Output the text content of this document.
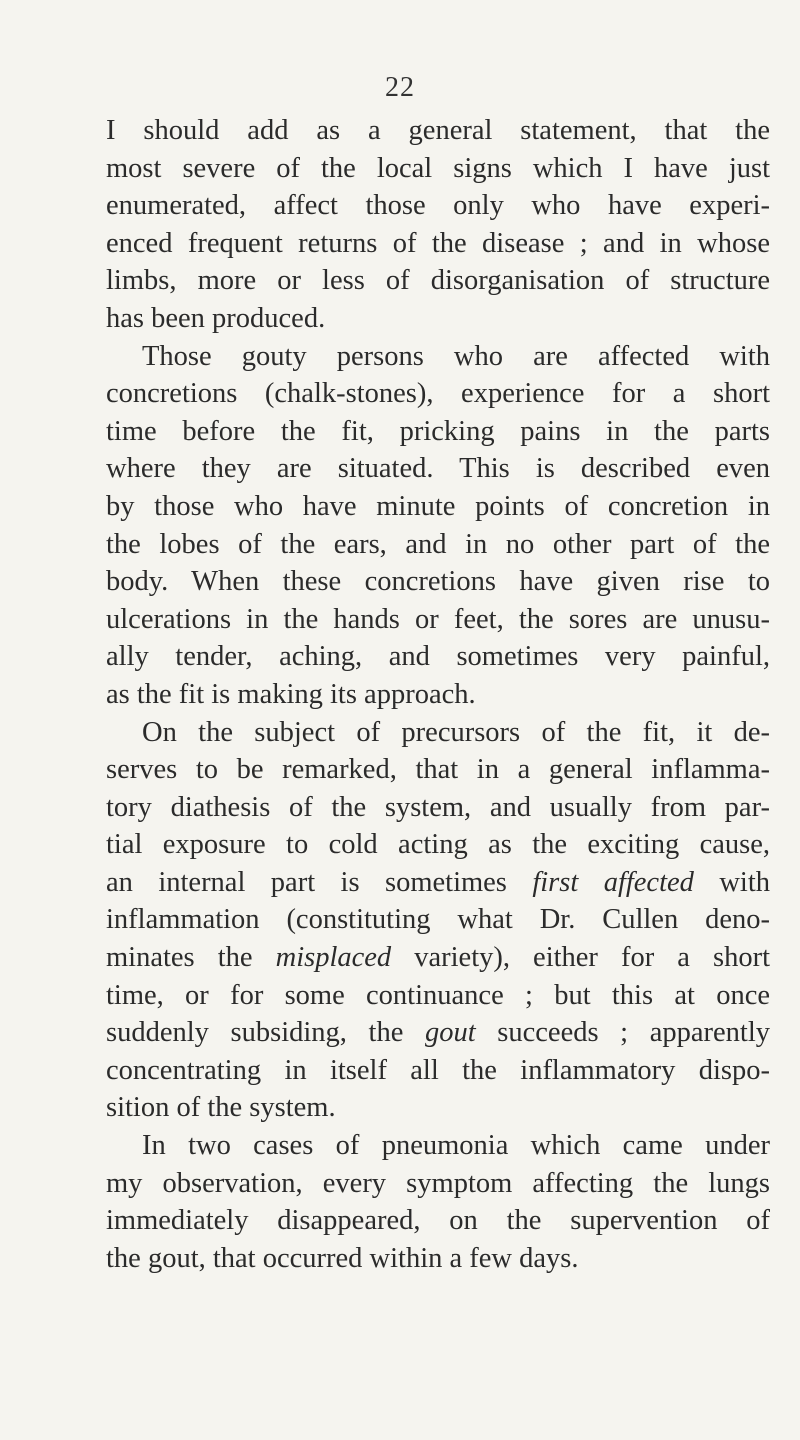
22
I should add as a general statement, that the
most severe of the local signs which I have just
enumerated, affect those only who have experi-
enced frequent returns of the disease ; and in whose
limbs, more or less of disorganisation of structure
has been produced.
Those gouty persons who are affected with
concretions (chalk-stones), experience for a short
time before the fit, pricking pains in the parts
where they are situated. This is described even
by those who have minute points of concretion in
the lobes of the ears, and in no other part of the
body. When these concretions have given rise to
ulcerations in the hands or feet, the sores are unusu-
ally tender, aching, and sometimes very painful,
as the fit is making its approach.
On the subject of precursors of the fit, it de-
serves to be remarked, that in a general inflamma-
tory diathesis of the system, and usually from par-
tial exposure to cold acting as the exciting cause,
an internal part is sometimes first affected with
inflammation (constituting what Dr. Cullen deno-
minates the misplaced variety), either for a short
time, or for some continuance ; but this at once
suddenly subsiding, the gout succeeds ; apparently
concentrating in itself all the inflammatory dispo-
sition of the system.
In two cases of pneumonia which came under
my observation, every symptom affecting the lungs
immediately disappeared, on the supervention of
the gout, that occurred within a few days.
